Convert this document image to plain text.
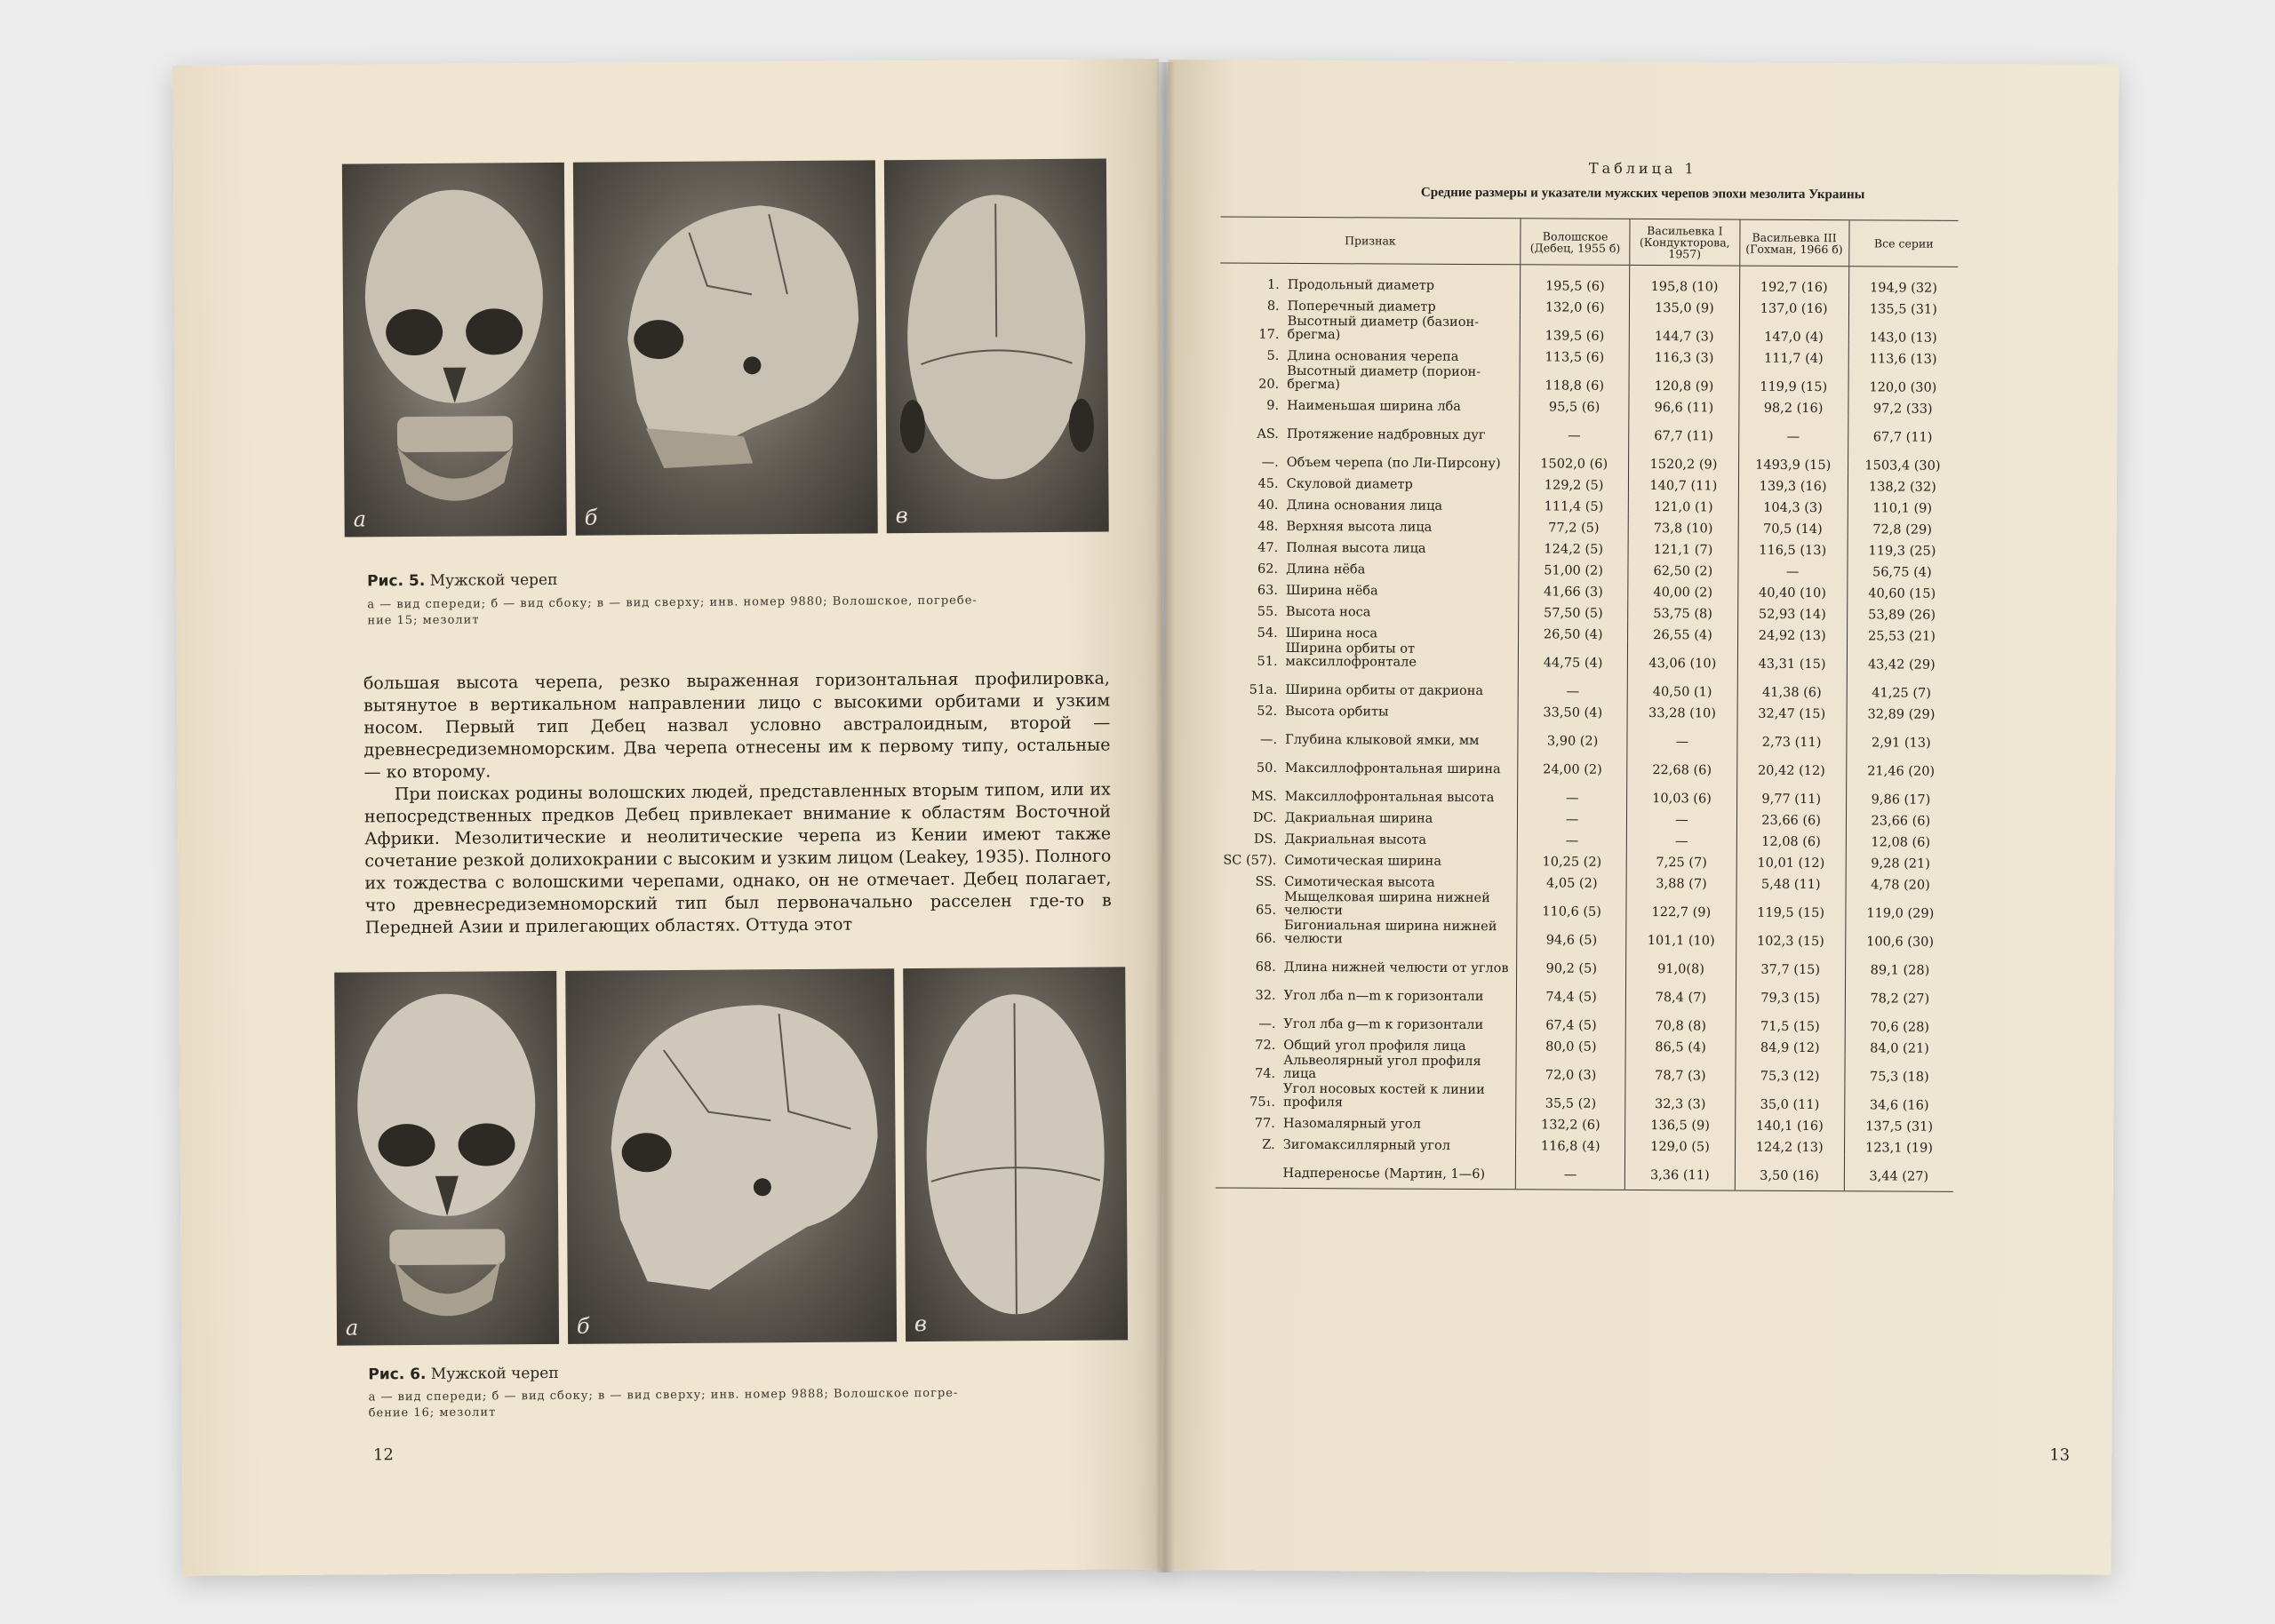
а	б	в
Рис. 5. Мужской череп
а — вид спереди; б — вид сбоку; в — вид сверху; инв. номер 9880; Волошское, погребе-
ние 15; мезолит

большая высота черепа, резко выраженная горизонтальная профилировка, вытянутое в вертикальном направлении лицо с высокими орбитами и узким носом. Первый тип Дебец назвал условно австралоидным, второй — древнесредиземноморским. Два черепа отнесены им к первому типу, остальные — ко второму.

При поисках родины волошских людей, представленных вторым типом, или их непосредственных предков Дебец привлекает внимание к областям Восточной Африки. Мезолитические и неолитические черепа из Кении имеют также сочетание резкой долихокрании с высоким и узким лицом (Leakey, 1935). Полного их тождества с волошскими черепами, однако, он не отмечает. Дебец полагает, что древнесредиземноморский тип был первоначально расселен где-то в Передней Азии и прилегающих областях. Оттуда этот

а	б	в
Рис. 6. Мужской череп
а — вид спереди; б — вид сбоку; в — вид сверху; инв. номер 9888; Волошское погре-
бение 16; мезолит
12
Таблица 1
Средние размеры и указатели мужских черепов эпохи мезолита Украины
Признак		Волошское (Дебец, 1955 б)	Васильевка I (Кондукторова, 1957)	Васильевка III (Гохман, 1966 б)	Все серии
1.	Продольный диаметр	195,5 (6)	195,8 (10)	192,7 (16)	194,9 (32)
8.	Поперечный диаметр	132,0 (6)	135,0 (9)	137,0 (16)	135,5 (31)
17.	Высотный диаметр (базион-брегма)	139,5 (6)	144,7 (3)	147,0 (4)	143,0 (13)
5.	Длина основания черепа	113,5 (6)	116,3 (3)	111,7 (4)	113,6 (13)
20.	Высотный диаметр (порион-брегма)	118,8 (6)	120,8 (9)	119,9 (15)	120,0 (30)
9.	Наименьшая ширина лба	95,5 (6)	96,6 (11)	98,2 (16)	97,2 (33)
AS.	Протяжение надбровных дуг	—	67,7 (11)	—	67,7 (11)
—.	Объем черепа (по Ли-Пирсону)	1502,0 (6)	1520,2 (9)	1493,9 (15)	1503,4 (30)
45.	Скуловой диаметр	129,2 (5)	140,7 (11)	139,3 (16)	138,2 (32)
40.	Длина основания лица	111,4 (5)	121,0 (1)	104,3 (3)	110,1 (9)
48.	Верхняя высота лица	77,2 (5)	73,8 (10)	70,5 (14)	72,8 (29)
47.	Полная высота лица	124,2 (5)	121,1 (7)	116,5 (13)	119,3 (25)
62.	Длина нёба	51,00 (2)	62,50 (2)	—	56,75 (4)
63.	Ширина нёба	41,66 (3)	40,00 (2)	40,40 (10)	40,60 (15)
55.	Высота носа	57,50 (5)	53,75 (8)	52,93 (14)	53,89 (26)
54.	Ширина носа	26,50 (4)	26,55 (4)	24,92 (13)	25,53 (21)
51.	Ширина орбиты от максиллофронтале	44,75 (4)	43,06 (10)	43,31 (15)	43,42 (29)
51а.	Ширина орбиты от дакриона	—	40,50 (1)	41,38 (6)	41,25 (7)
52.	Высота орбиты	33,50 (4)	33,28 (10)	32,47 (15)	32,89 (29)
—.	Глубина клыковой ямки, мм	3,90 (2)	—	2,73 (11)	2,91 (13)
50.	Максиллофронтальная ширина	24,00 (2)	22,68 (6)	20,42 (12)	21,46 (20)
MS.	Максиллофронтальная высота	—	10,03 (6)	9,77 (11)	9,86 (17)
DC.	Дакриальная ширина	—	—	23,66 (6)	23,66 (6)
DS.	Дакриальная высота	—	—	12,08 (6)	12,08 (6)
SC (57).	Симотическая ширина	10,25 (2)	7,25 (7)	10,01 (12)	9,28 (21)
SS.	Симотическая высота	4,05 (2)	3,88 (7)	5,48 (11)	4,78 (20)
65.	Мыщелковая ширина нижней челюсти	110,6 (5)	122,7 (9)	119,5 (15)	119,0 (29)
66.	Бигониальная ширина нижней челюсти	94,6 (5)	101,1 (10)	102,3 (15)	100,6 (30)
68.	Длина нижней челюсти от углов	90,2 (5)	91,0(8)	37,7 (15)	89,1 (28)
32.	Угол лба n—m к горизонтали	74,4 (5)	78,4 (7)	79,3 (15)	78,2 (27)
—.	Угол лба g—m к горизонтали	67,4 (5)	70,8 (8)	71,5 (15)	70,6 (28)
72.	Общий угол профиля лица	80,0 (5)	86,5 (4)	84,9 (12)	84,0 (21)
74.	Альвеолярный угол профиля лица	72,0 (3)	78,7 (3)	75,3 (12)	75,3 (18)
75₁.	Угол носовых костей к линии профиля	35,5 (2)	32,3 (3)	35,0 (11)	34,6 (16)
77.	Назомалярный угол	132,2 (6)	136,5 (9)	140,1 (16)	137,5 (31)
Z.	Зигомаксиллярный угол	116,8 (4)	129,0 (5)	124,2 (13)	123,1 (19)
	Надпереносье (Мартин, 1—6)	—	3,36 (11)	3,50 (16)	3,44 (27)
13
